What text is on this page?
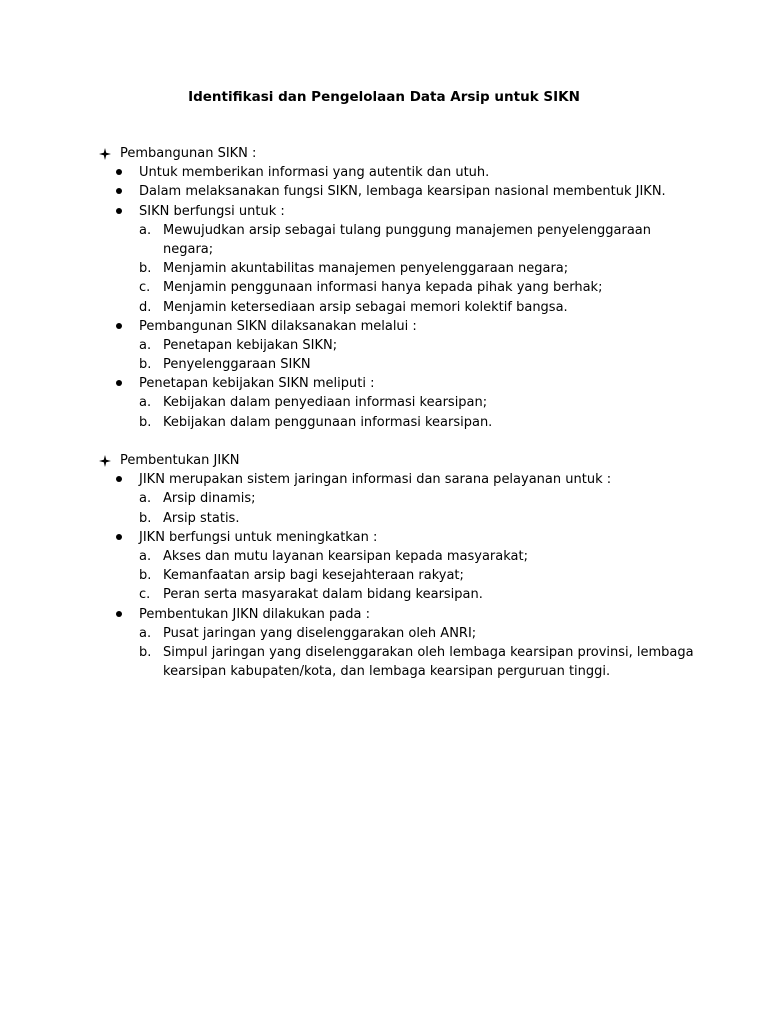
Identifikasi dan Pengelolaan Data Arsip untuk SIKN
Pembangunan SIKN :
Untuk memberikan informasi yang autentik dan utuh.
Dalam melaksanakan fungsi SIKN, lembaga kearsipan nasional membentuk JIKN.
SIKN berfungsi untuk :
a. Mewujudkan arsip sebagai tulang punggung manajemen penyelenggaraan
negara;
b. Menjamin akuntabilitas manajemen penyelenggaraan negara;
c. Menjamin penggunaan informasi hanya kepada pihak yang berhak;
d. Menjamin ketersediaan arsip sebagai memori kolektif bangsa.
Pembangunan SIKN dilaksanakan melalui :
a. Penetapan kebijakan SIKN;
b. Penyelenggaraan SIKN
Penetapan kebijakan SIKN meliputi :
a. Kebijakan dalam penyediaan informasi kearsipan;
b. Kebijakan dalam penggunaan informasi kearsipan.
Pembentukan JIKN
JIKN merupakan sistem jaringan informasi dan sarana pelayanan untuk :
a. Arsip dinamis;
b. Arsip statis.
JIKN berfungsi untuk meningkatkan :
a. Akses dan mutu layanan kearsipan kepada masyarakat;
b. Kemanfaatan arsip bagi kesejahteraan rakyat;
c. Peran serta masyarakat dalam bidang kearsipan.
Pembentukan JIKN dilakukan pada :
a. Pusat jaringan yang diselenggarakan oleh ANRI;
b. Simpul jaringan yang diselenggarakan oleh lembaga kearsipan provinsi, lembaga
kearsipan kabupaten/kota, dan lembaga kearsipan perguruan tinggi.
